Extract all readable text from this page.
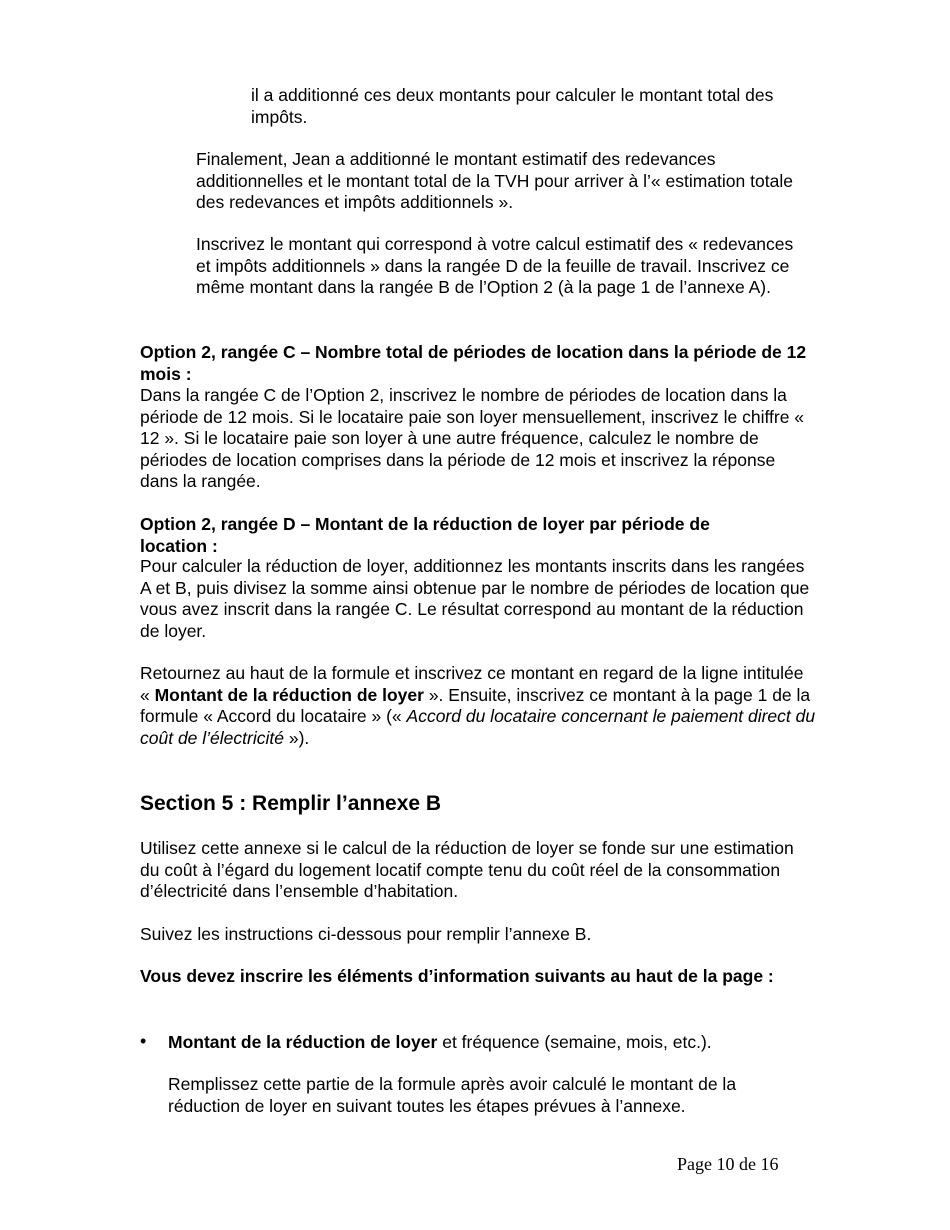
il a additionné ces deux montants pour calculer le montant total des impôts.

Finalement, Jean a additionné le montant estimatif des redevances additionnelles et le montant total de la TVH pour arriver à l’« estimation totale des redevances et impôts additionnels ».

Inscrivez le montant qui correspond à votre calcul estimatif des « redevances et impôts additionnels » dans la rangée D de la feuille de travail. Inscrivez ce même montant dans la rangée B de l’Option 2 (à la page 1 de l’annexe A).

Option 2, rangée C – Nombre total de périodes de location dans la période de 12 mois :

Dans la rangée C de l’Option 2, inscrivez le nombre de périodes de location dans la période de 12 mois. Si le locataire paie son loyer mensuellement, inscrivez le chiffre « 12 ». Si le locataire paie son loyer à une autre fréquence, calculez le nombre de périodes de location comprises dans la période de 12 mois et inscrivez la réponse dans la rangée.

Option 2, rangée D – Montant de la réduction de loyer par période de location :

Pour calculer la réduction de loyer, additionnez les montants inscrits dans les rangées A et B, puis divisez la somme ainsi obtenue par le nombre de périodes de location que vous avez inscrit dans la rangée C. Le résultat correspond au montant de la réduction de loyer.

Retournez au haut de la formule et inscrivez ce montant en regard de la ligne intitulée « Montant de la réduction de loyer ». Ensuite, inscrivez ce montant à la page 1 de la formule « Accord du locataire » (« Accord du locataire concernant le paiement direct du coût de l’électricité »).

Section 5 : Remplir l’annexe B

Utilisez cette annexe si le calcul de la réduction de loyer se fonde sur une estimation du coût à l’égard du logement locatif compte tenu du coût réel de la consommation d’électricité dans l’ensemble d’habitation.

Suivez les instructions ci-dessous pour remplir l’annexe B.

Vous devez inscrire les éléments d’information suivants au haut de la page :

• Montant de la réduction de loyer et fréquence (semaine, mois, etc.).

Remplissez cette partie de la formule après avoir calculé le montant de la réduction de loyer en suivant toutes les étapes prévues à l’annexe.

Page 10 de 16
